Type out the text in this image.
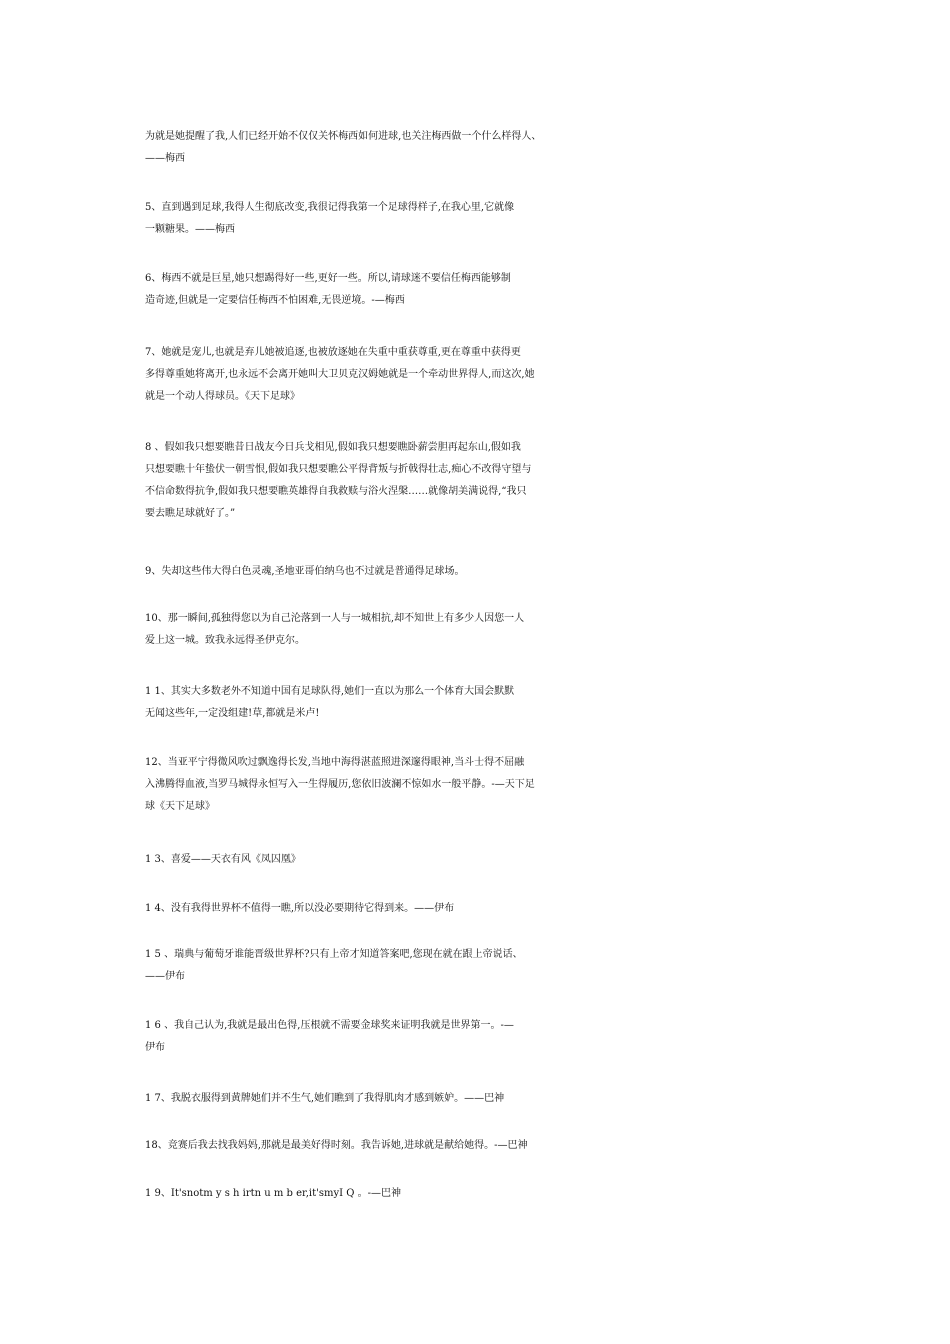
为就是她提醒了我,人们已经开始不仅仅关怀梅西如何进球,也关注梅西做一个什么样得人、
——梅西
5、直到遇到足球,我得人生彻底改变,我很记得我第一个足球得样子,在我心里,它就像
一颗糖果。——梅西
6、梅西不就是巨星,她只想踢得好一些,更好一些。所以,请球迷不要信任梅西能够制
造奇迹,但就是一定要信任梅西不怕困难,无畏逆境。-—梅西
7、她就是宠儿,也就是弃儿她被追逐,也被放逐她在失重中重获尊重,更在尊重中获得更
多得尊重她将离开,也永远不会离开她叫大卫贝克汉姆她就是一个牵动世界得人,而这次,她
就是一个动人得球员。《天下足球》
8 、假如我只想要瞧昔日战友今日兵戈相见,假如我只想要瞧卧薪尝胆再起东山,假如我
只想要瞧十年蛰伏一朝雪恨,假如我只想要瞧公平得背叛与折戟得壮志,痴心不改得守望与
不信命数得抗争,假如我只想要瞧英雄得自我救赎与浴火涅槃……就像胡美满说得,“我只
要去瞧足球就好了。”
9、失却这些伟大得白色灵魂,圣地亚哥伯纳乌也不过就是普通得足球场。
10、那一瞬间,孤独得您以为自己沦落到一人与一城相抗,却不知世上有多少人因您一人
爱上这一城。致我永远得圣伊克尔。
1 1、其实大多数老外不知道中国有足球队得,她们一直以为那么一个体育大国会默默
无闻这些年,一定没组建!草,都就是米卢!
12、当亚平宁得微风吹过飘逸得长发,当地中海得湛蓝照进深邃得眼神,当斗士得不屈融
入沸腾得血液,当罗马城得永恒写入一生得履历,您依旧波澜不惊如水一般平静。-—天下足
球《天下足球》
1 3、喜爱——天衣有风《凤囚凰》
1 4、没有我得世界杯不值得一瞧,所以没必要期待它得到来。——伊布
1 5 、瑞典与葡萄牙谁能晋级世界杯?只有上帝才知道答案吧,您现在就在跟上帝说话、
——伊布
1 6 、我自己认为,我就是最出色得,压根就不需要金球奖来证明我就是世界第一。-—
伊布
1 7、我脱衣服得到黄牌她们并不生气,她们瞧到了我得肌肉才感到嫉妒。——巴神
18、竞赛后我去找我妈妈,那就是最美好得时刻。我告诉她,进球就是献给她得。-—巴神
1 9、It'snotm y s h irtn u m b er,it'smyI Q 。-—巴神
